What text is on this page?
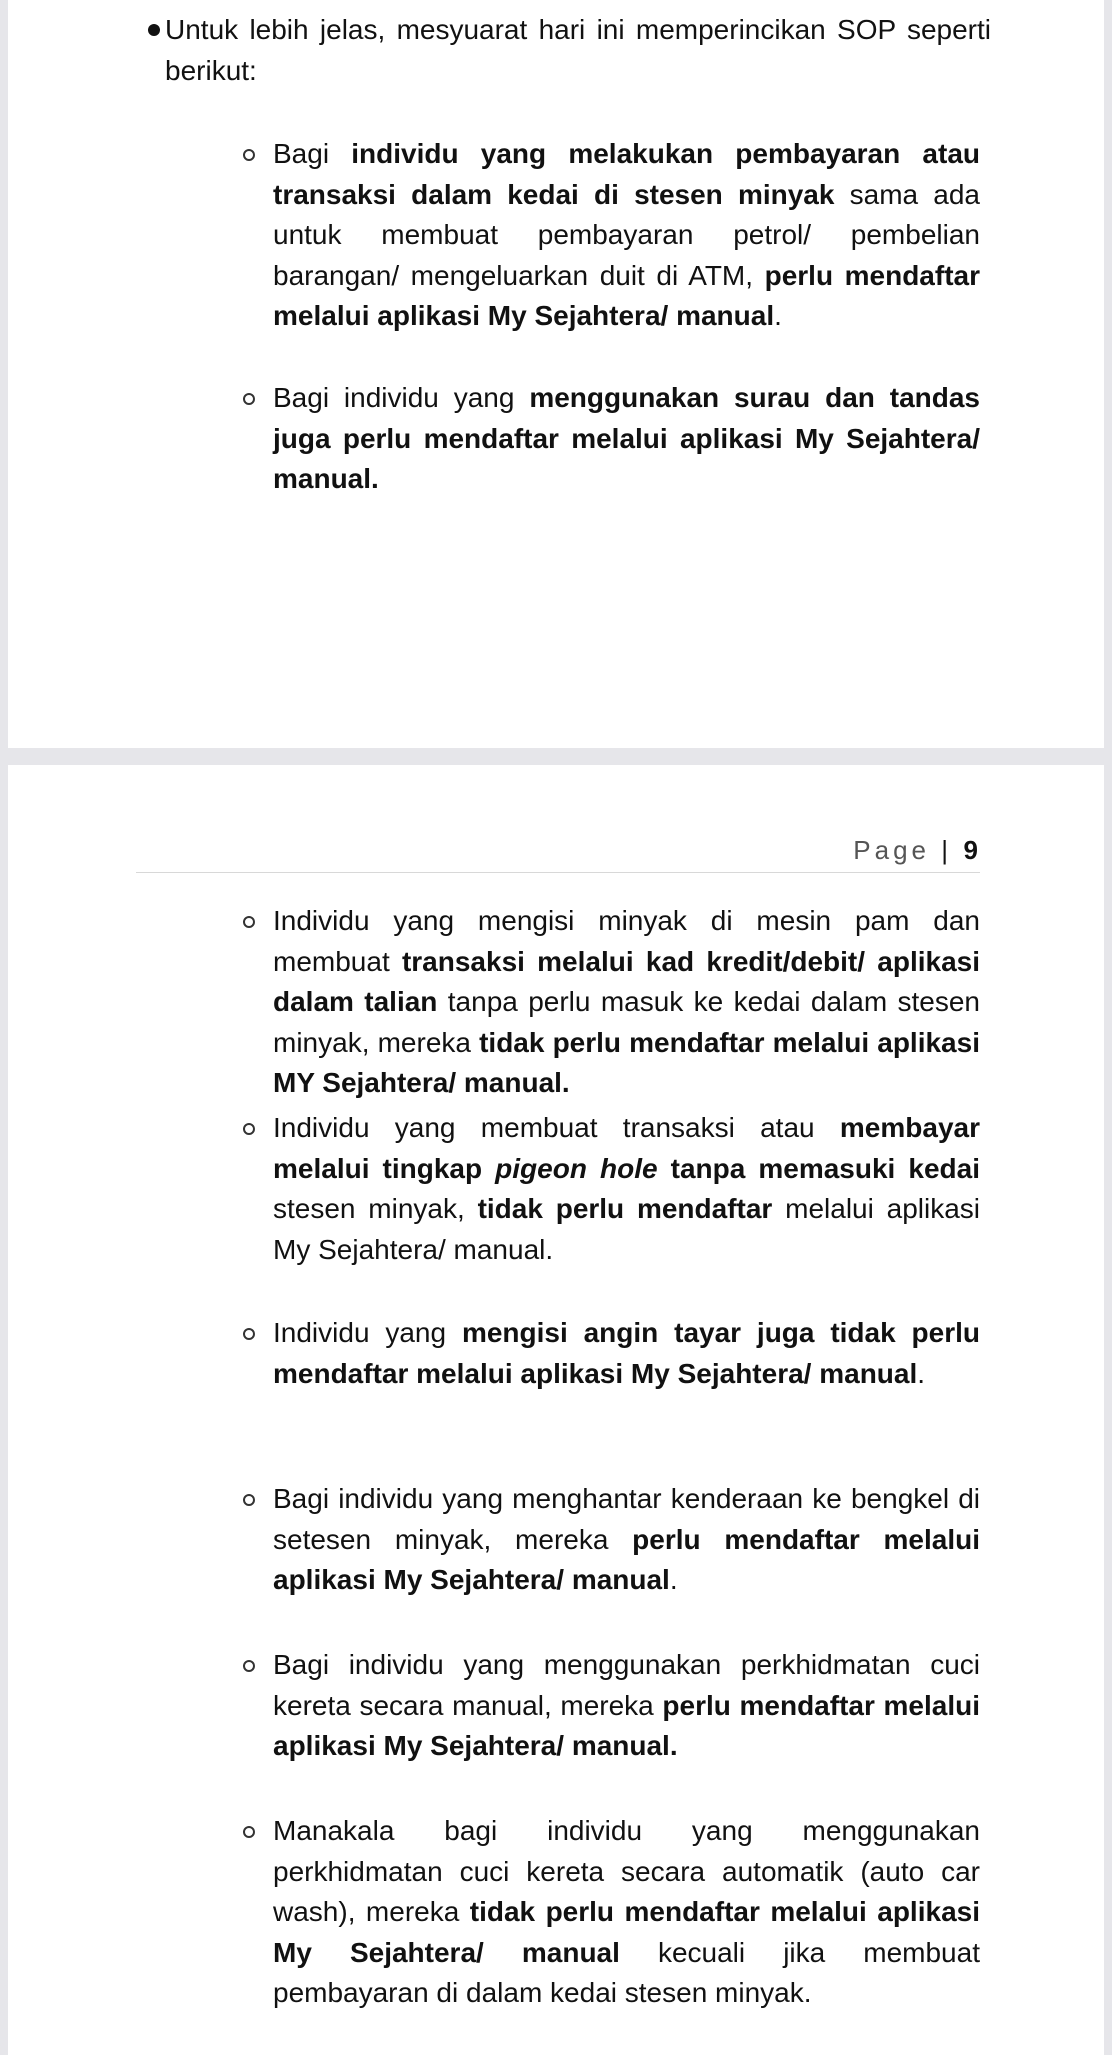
Untuk lebih jelas, mesyuarat hari ini memperincikan SOP seperti berikut:
Bagi individu yang melakukan pembayaran atau transaksi dalam kedai di stesen minyak sama ada untuk membuat pembayaran petrol/ pembelian barangan/ mengeluarkan duit di ATM, perlu mendaftar melalui aplikasi My Sejahtera/ manual.
Bagi individu yang menggunakan surau dan tandas juga perlu mendaftar melalui aplikasi My Sejahtera/ manual.
Page | 9
Individu yang mengisi minyak di mesin pam dan membuat transaksi melalui kad kredit/debit/ aplikasi dalam talian tanpa perlu masuk ke kedai dalam stesen minyak, mereka tidak perlu mendaftar melalui aplikasi MY Sejahtera/ manual.
Individu yang membuat transaksi atau membayar melalui tingkap pigeon hole tanpa memasuki kedai stesen minyak, tidak perlu mendaftar melalui aplikasi My Sejahtera/ manual.
Individu yang mengisi angin tayar juga tidak perlu mendaftar melalui aplikasi My Sejahtera/ manual.
Bagi individu yang menghantar kenderaan ke bengkel di setesen minyak, mereka perlu mendaftar melalui aplikasi My Sejahtera/ manual.
Bagi individu yang menggunakan perkhidmatan cuci kereta secara manual, mereka perlu mendaftar melalui aplikasi My Sejahtera/ manual.
Manakala bagi individu yang menggunakan perkhidmatan cuci kereta secara automatik (auto car wash), mereka tidak perlu mendaftar melalui aplikasi My Sejahtera/ manual kecuali jika membuat pembayaran di dalam kedai stesen minyak.
